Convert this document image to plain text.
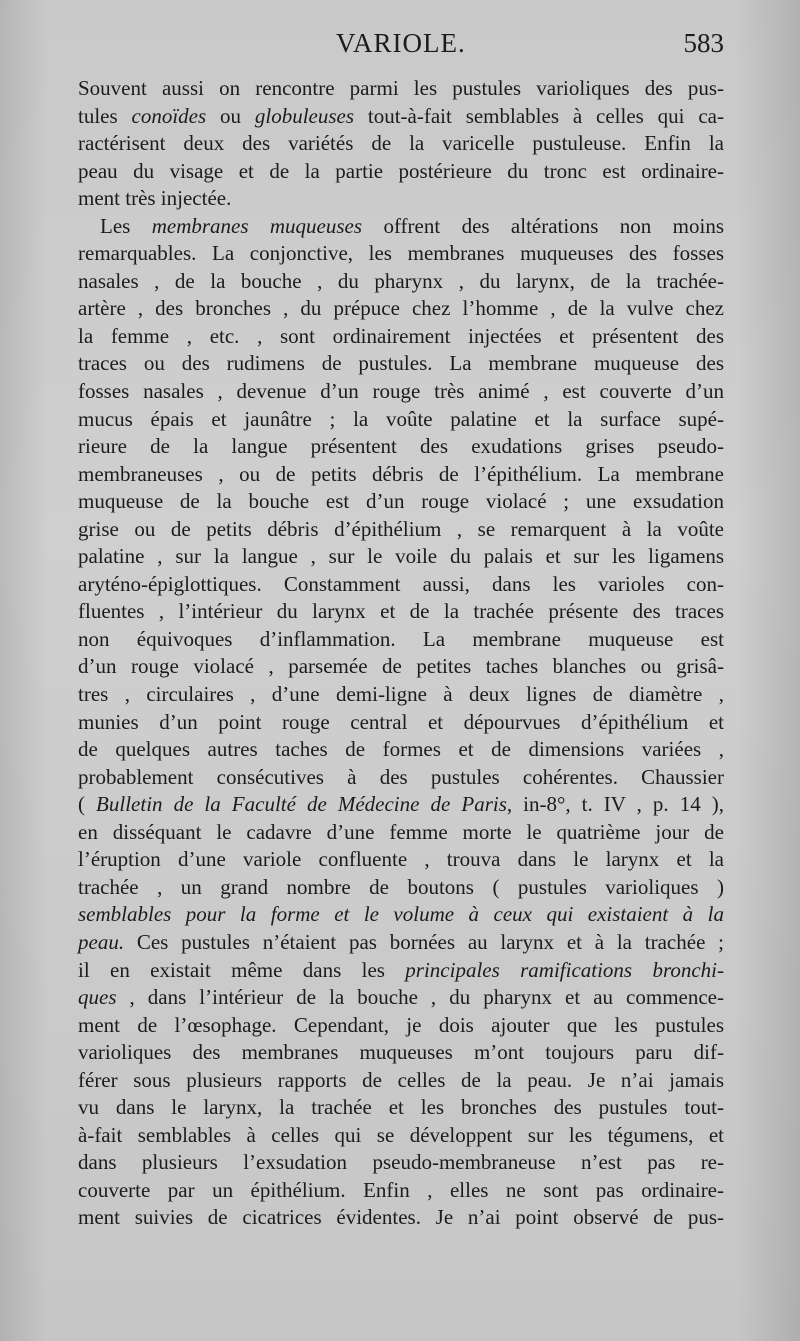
VARIOLE.	583
Souvent aussi on rencontre parmi les pustules varioliques des pus-
tules conoïdes ou globuleuses tout-à-fait semblables à celles qui ca-
ractérisent deux des variétés de la varicelle pustuleuse. Enfin la
peau du visage et de la partie postérieure du tronc est ordinaire-
ment très injectée.
Les membranes muqueuses offrent des altérations non moins
remarquables. La conjonctive, les membranes muqueuses des fosses
nasales , de la bouche , du pharynx , du larynx, de la trachée-
artère , des bronches , du prépuce chez l’homme , de la vulve chez
la femme , etc. , sont ordinairement injectées et présentent des
traces ou des rudimens de pustules. La membrane muqueuse des
fosses nasales , devenue d’un rouge très animé , est couverte d’un
mucus épais et jaunâtre ; la voûte palatine et la surface supé-
rieure de la langue présentent des exudations grises pseudo-
membraneuses , ou de petits débris de l’épithélium. La membrane
muqueuse de la bouche est d’un rouge violacé ; une exsudation
grise ou de petits débris d’épithélium , se remarquent à la voûte
palatine , sur la langue , sur le voile du palais et sur les ligamens
aryténo-épiglottiques. Constamment aussi, dans les varioles con-
fluentes , l’intérieur du larynx et de la trachée présente des traces
non équivoques d’inflammation. La membrane muqueuse est
d’un rouge violacé , parsemée de petites taches blanches ou grisâ-
tres , circulaires , d’une demi-ligne à deux lignes de diamètre ,
munies d’un point rouge central et dépourvues d’épithélium et
de quelques autres taches de formes et de dimensions variées ,
probablement consécutives à des pustules cohérentes. Chaussier
( Bulletin de la Faculté de Médecine de Paris, in-8°, t. IV , p. 14 ),
en disséquant le cadavre d’une femme morte le quatrième jour de
l’éruption d’une variole confluente , trouva dans le larynx et la
trachée , un grand nombre de boutons ( pustules varioliques )
semblables pour la forme et le volume à ceux qui existaient à la
peau. Ces pustules n’étaient pas bornées au larynx et à la trachée ;
il en existait même dans les principales ramifications bronchi-
ques , dans l’intérieur de la bouche , du pharynx et au commence-
ment de l’œsophage. Cependant, je dois ajouter que les pustules
varioliques des membranes muqueuses m’ont toujours paru dif-
férer sous plusieurs rapports de celles de la peau. Je n’ai jamais
vu dans le larynx, la trachée et les bronches des pustules tout-
à-fait semblables à celles qui se développent sur les tégumens, et
dans plusieurs l’exsudation pseudo-membraneuse n’est pas re-
couverte par un épithélium. Enfin , elles ne sont pas ordinaire-
ment suivies de cicatrices évidentes. Je n’ai point observé de pus-
